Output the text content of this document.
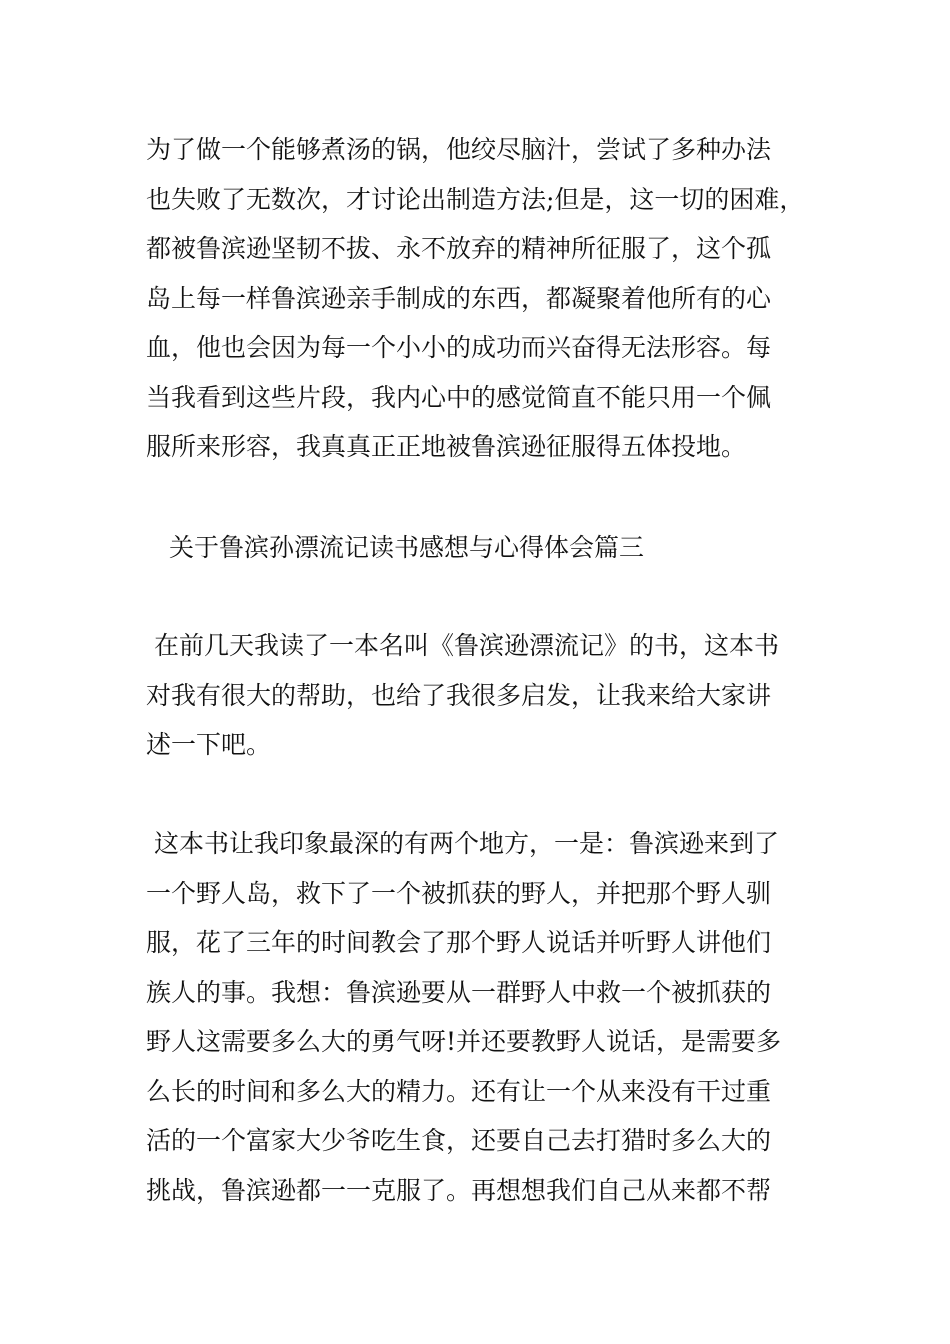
为了做一个能够煮汤的锅，他绞尽脑汁，尝试了多种办法
也失败了无数次，才讨论出制造方法;但是，这一切的困难，
都被鲁滨逊坚韧不拔、永不放弃的精神所征服了，这个孤
岛上每一样鲁滨逊亲手制成的东西，都凝聚着他所有的心
血，他也会因为每一个小小的成功而兴奋得无法形容。每
当我看到这些片段，我内心中的感觉简直不能只用一个佩
服所来形容，我真真正正地被鲁滨逊征服得五体投地。

关于鲁滨孙漂流记读书感想与心得体会篇三

在前几天我读了一本名叫《鲁滨逊漂流记》的书，这本书
对我有很大的帮助，也给了我很多启发，让我来给大家讲
述一下吧。

这本书让我印象最深的有两个地方，一是：鲁滨逊来到了
一个野人岛，救下了一个被抓获的野人，并把那个野人驯
服，花了三年的时间教会了那个野人说话并听野人讲他们
族人的事。我想：鲁滨逊要从一群野人中救一个被抓获的
野人这需要多么大的勇气呀!并还要教野人说话，是需要多
么长的时间和多么大的精力。还有让一个从来没有干过重
活的一个富家大少爷吃生食，还要自己去打猎时多么大的
挑战，鲁滨逊都一一克服了。再想想我们自己从来都不帮
